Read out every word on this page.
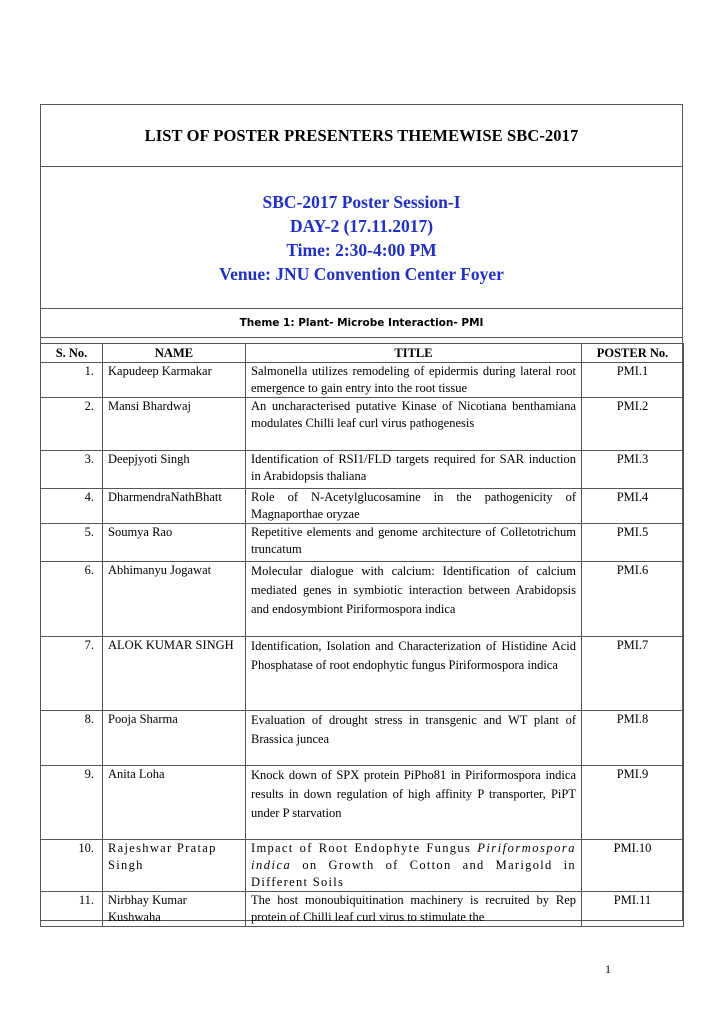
LIST OF POSTER PRESENTERS THEMEWISE SBC-2017
SBC-2017 Poster Session-I
DAY-2 (17.11.2017)
Time: 2:30-4:00 PM
Venue: JNU Convention Center Foyer
Theme 1: Plant- Microbe Interaction- PMI
S. No.	NAME	TITLE	POSTER No.
1.	Kapudeep Karmakar	Salmonella utilizes remodeling of epidermis during lateral root emergence to gain entry into the root tissue	PMI.1
2.	Mansi Bhardwaj	An uncharacterised putative Kinase of Nicotiana benthamiana modulates Chilli leaf curl virus pathogenesis	PMI.2
3.	Deepjyoti Singh	Identification of RSI1/FLD targets required for SAR induction in Arabidopsis thaliana	PMI.3
4.	DharmendraNathBhatt	Role of N-Acetylglucosamine in the pathogenicity of Magnaporthae oryzae	PMI.4
5.	Soumya Rao	Repetitive elements and genome architecture of Colletotrichum truncatum	PMI.5
6.	Abhimanyu Jogawat	Molecular dialogue with calcium: Identification of calcium mediated genes in symbiotic interaction between Arabidopsis and endosymbiont Piriformospora indica	PMI.6
7.	ALOK KUMAR SINGH	Identification, Isolation and Characterization of Histidine Acid Phosphatase of root endophytic fungus Piriformospora indica	PMI.7
8.	Pooja Sharma	Evaluation of drought stress in transgenic and WT plant of Brassica juncea	PMI.8
9.	Anita Loha	Knock down of SPX protein PiPho81 in Piriformospora indica results in down regulation of high affinity P transporter, PiPT under P starvation	PMI.9
10.	Rajeshwar Pratap Singh	Impact of Root Endophyte Fungus Piriformospora indica on Growth of Cotton and Marigold in Different Soils	PMI.10
11.	Nirbhay Kumar Kushwaha	The host monoubiquitination machinery is recruited by Rep protein of Chilli leaf curl virus to stimulate the	PMI.11
1
